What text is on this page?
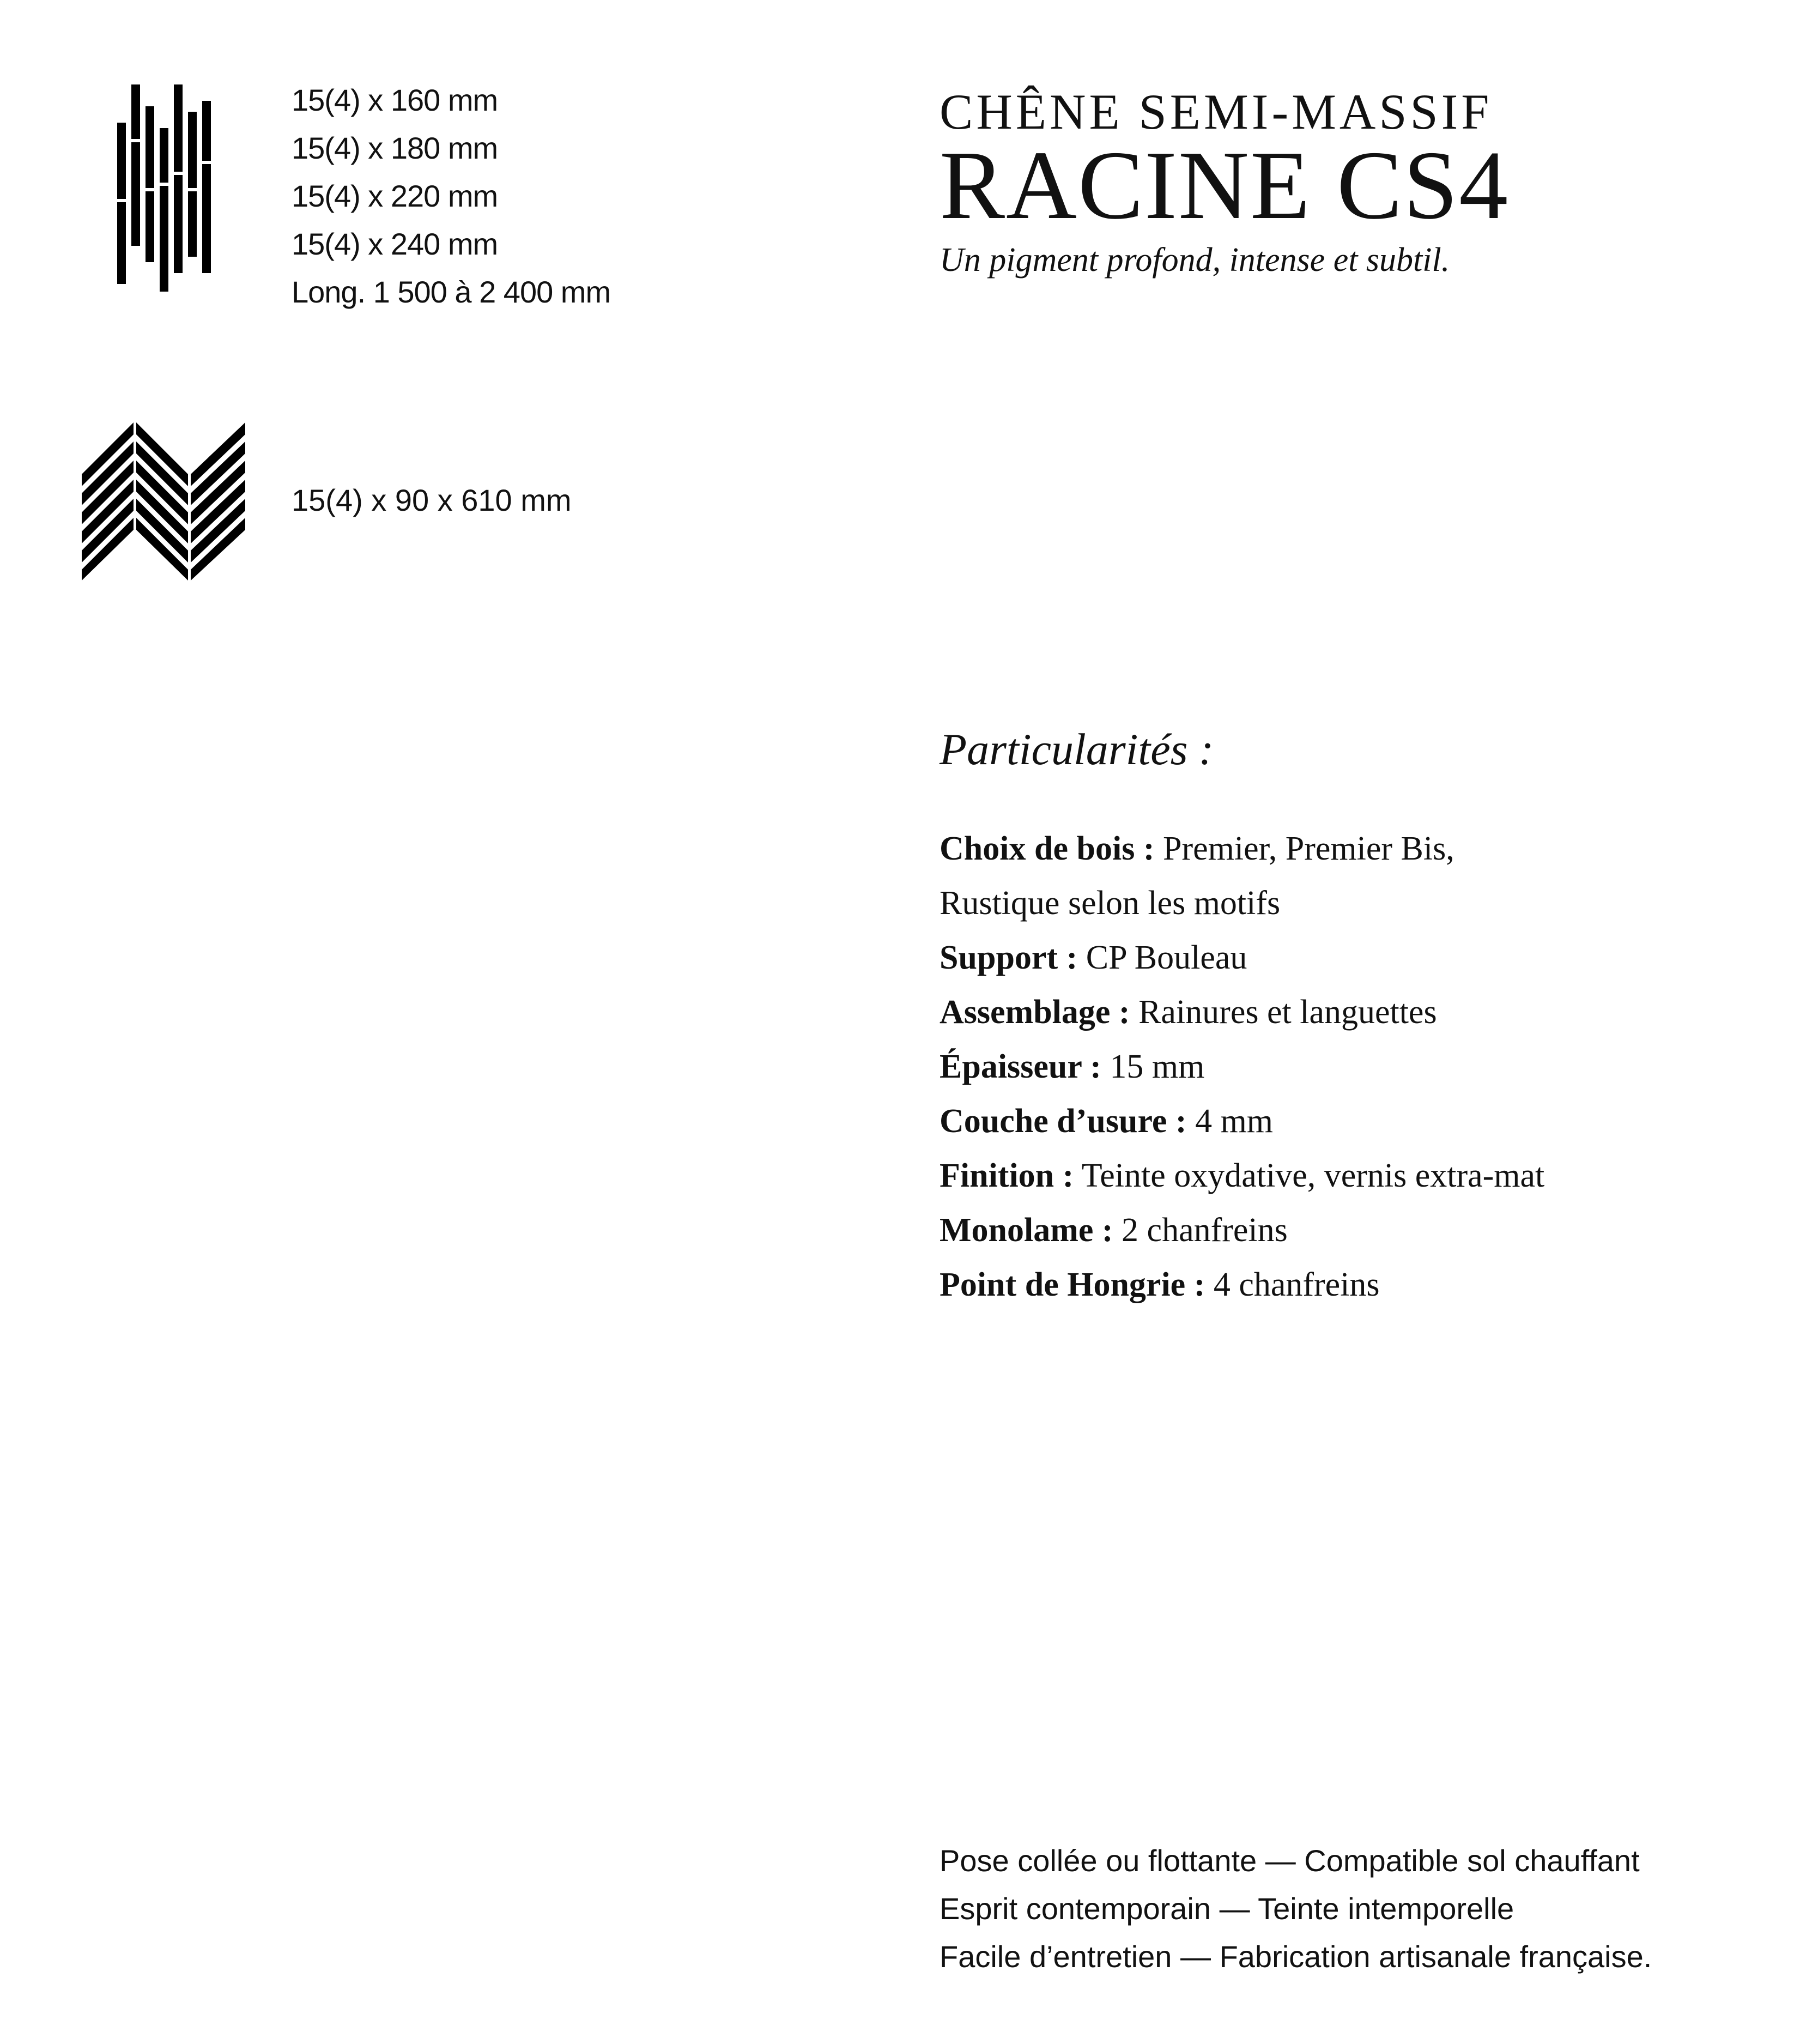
15(4) x 160 mm
15(4) x 180 mm
15(4) x 220 mm
15(4) x 240 mm
Long. 1 500 à 2 400 mm
15(4) x 90 x 610 mm
CHÊNE SEMI-MASSIF
RACINE CS4
Un pigment profond, intense et subtil.
Particularités :
Choix de bois : Premier, Premier Bis,
Rustique selon les motifs
Support : CP Bouleau
Assemblage : Rainures et languettes
Épaisseur : 15 mm
Couche d’usure : 4 mm
Finition : Teinte oxydative, vernis extra-mat
Monolame : 2 chanfreins
Point de Hongrie : 4 chanfreins
Pose collée ou flottante — Compatible sol chauffant
Esprit contemporain — Teinte intemporelle
Facile d’entretien — Fabrication artisanale française.
